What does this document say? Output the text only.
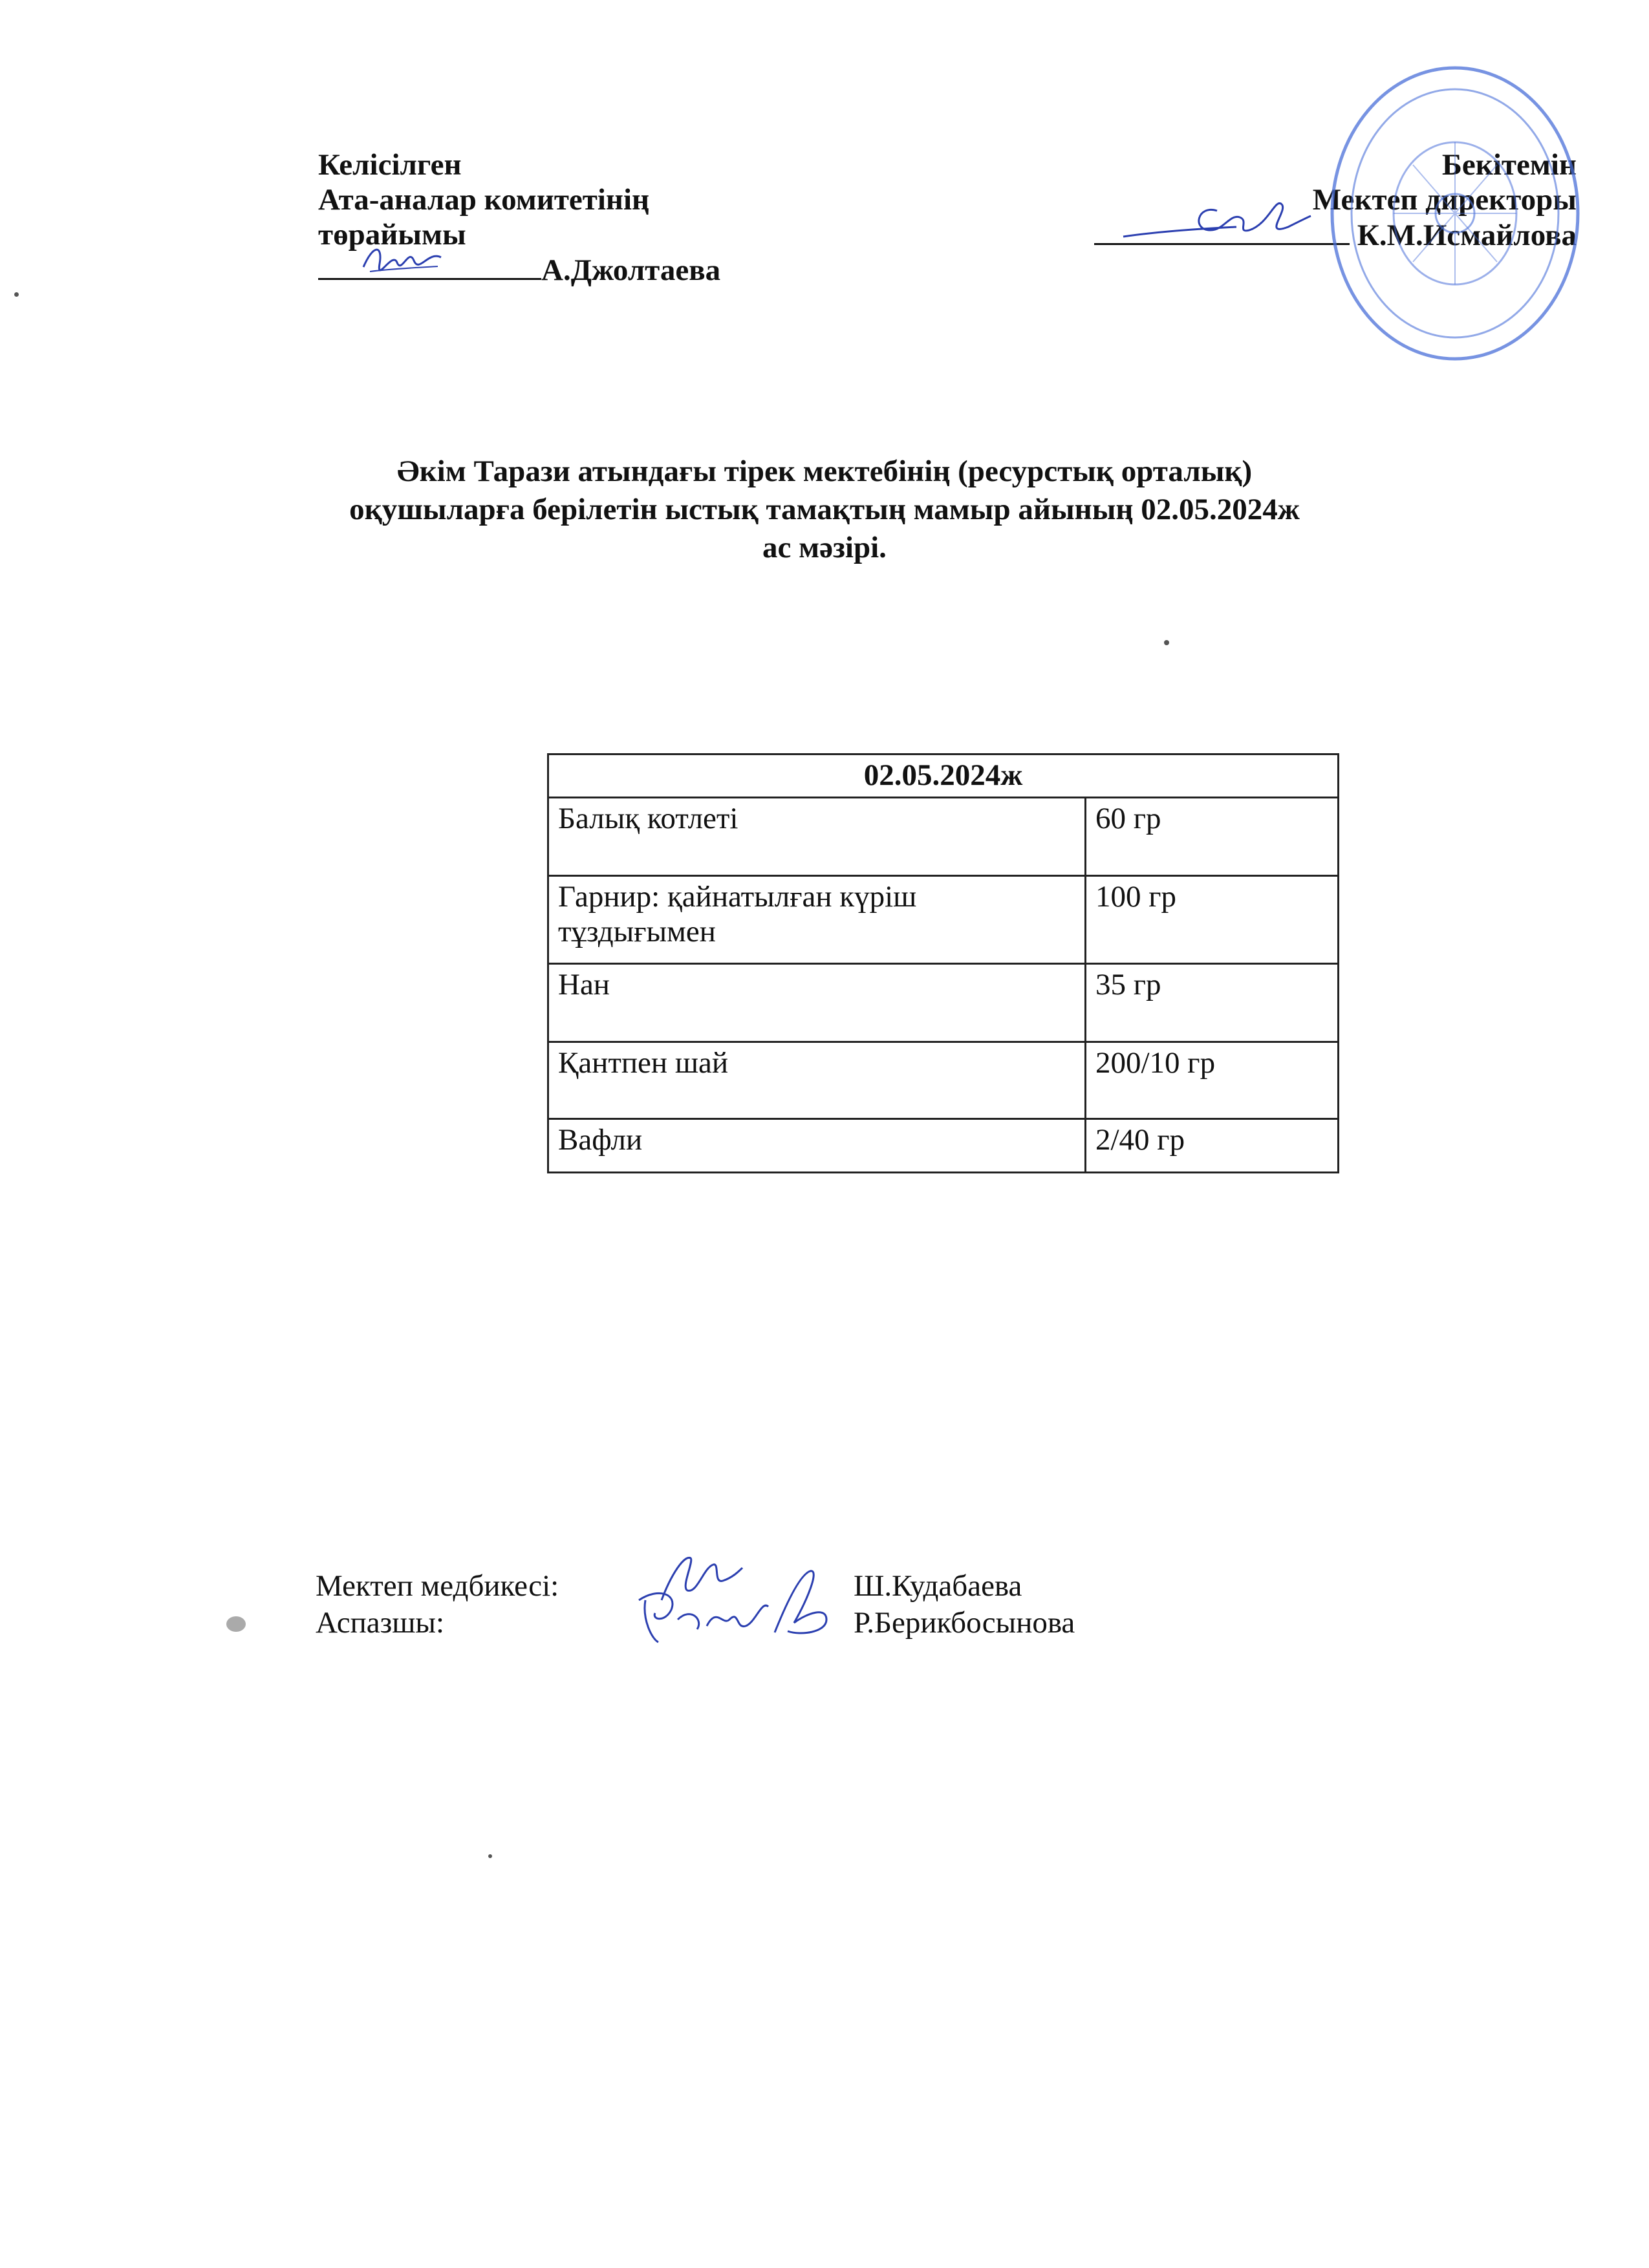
Келісілген
Ата-аналар комитетінің
төрайымы
А.Джолтаева
Бекітемін
Мектеп директоры
К.М.Исмайлова
Әкім Тарази атындағы тірек мектебінің (ресурстық орталық)
оқушыларға берілетін ыстық тамақтың мамыр айының 02.05.2024ж
ас мәзірі.
02.05.2024ж	
Балық котлеті	60 гр
Гарнир: қайнатылған күріш тұздығымен	100 гр
Нан	35 гр
Қантпен шай	200/10 гр
Вафли	2/40 гр
Мектеп медбикесі:	Ш.Кудабаева
Аспазшы:	Р.Берикбосынова
